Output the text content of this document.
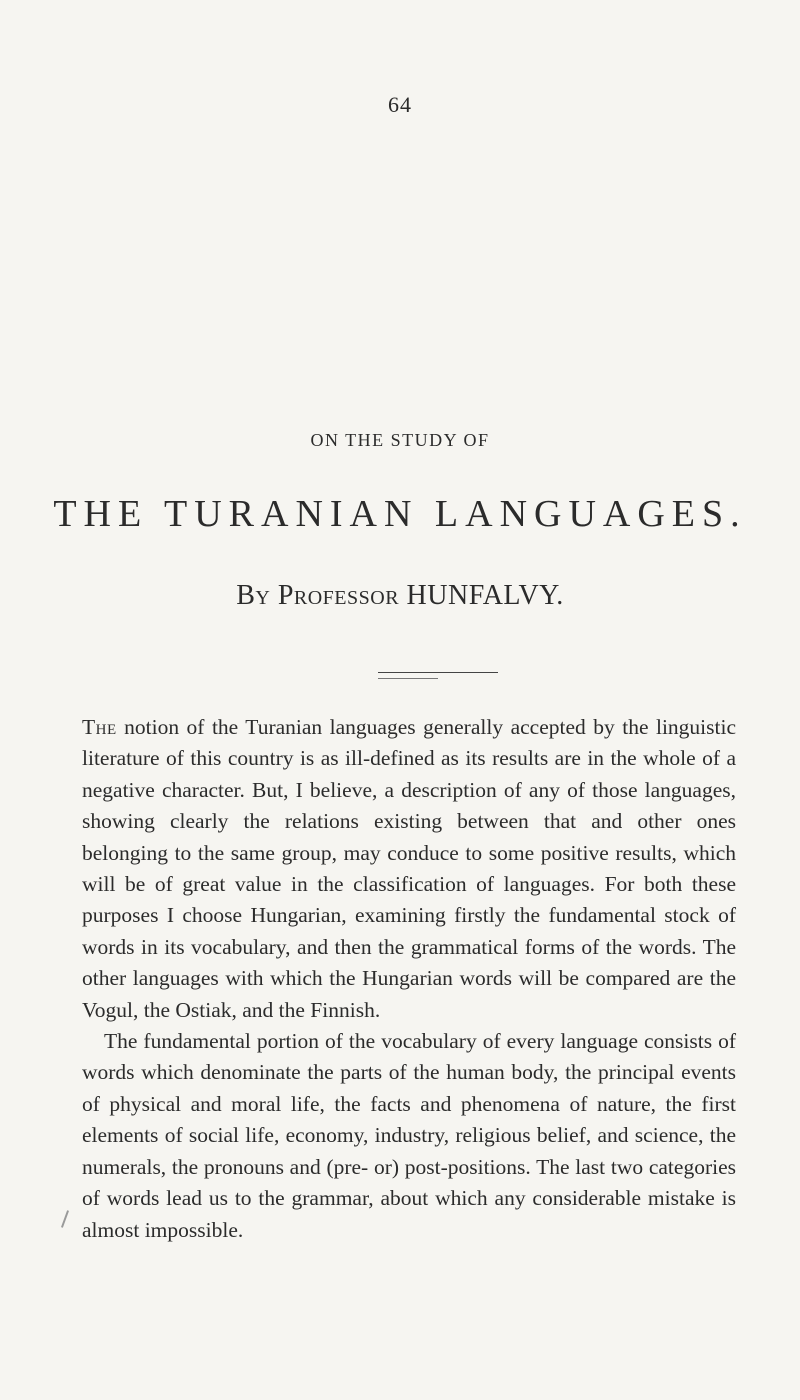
64
ON THE STUDY OF
THE TURANIAN LANGUAGES.
By Professor HUNFALVY.

The notion of the Turanian languages generally accepted by the linguistic literature of this country is as ill-defined as its results are in the whole of a negative character. But, I believe, a description of any of those languages, showing clearly the relations existing between that and other ones belonging to the same group, may conduce to some positive results, which will be of great value in the classification of languages. For both these purposes I choose Hungarian, examining firstly the fundamental stock of words in its vocabulary, and then the grammatical forms of the words. The other languages with which the Hungarian words will be compared are the Vogul, the Ostiak, and the Finnish.

The fundamental portion of the vocabulary of every language consists of words which denominate the parts of the human body, the principal events of physical and moral life, the facts and phenomena of nature, the first elements of social life, economy, industry, religious belief, and science, the numerals, the pronouns and (pre- or) post-positions. The last two categories of words lead us to the grammar, about which any considerable mistake is almost impossible.
